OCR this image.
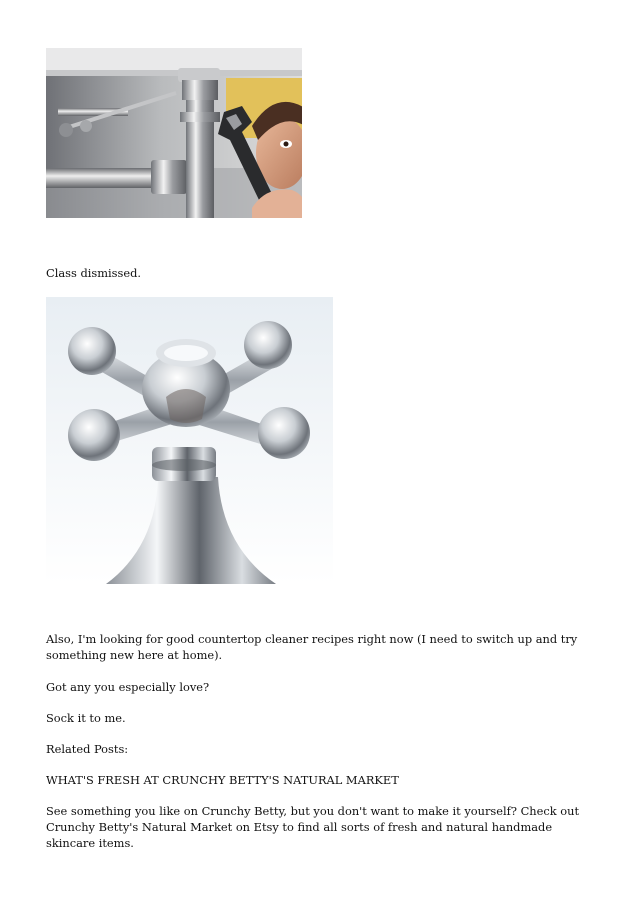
Class dismissed.

Also, I'm looking for good countertop cleaner recipes right now (I need to switch up and try something new here at home).

Got any you especially love?

Sock it to me.

Related Posts:

WHAT'S FRESH AT CRUNCHY BETTY'S NATURAL MARKET

See something you like on Crunchy Betty, but you don't want to make it yourself? Check out Crunchy Betty's Natural Market on Etsy to find all sorts of fresh and natural handmade skincare items.
